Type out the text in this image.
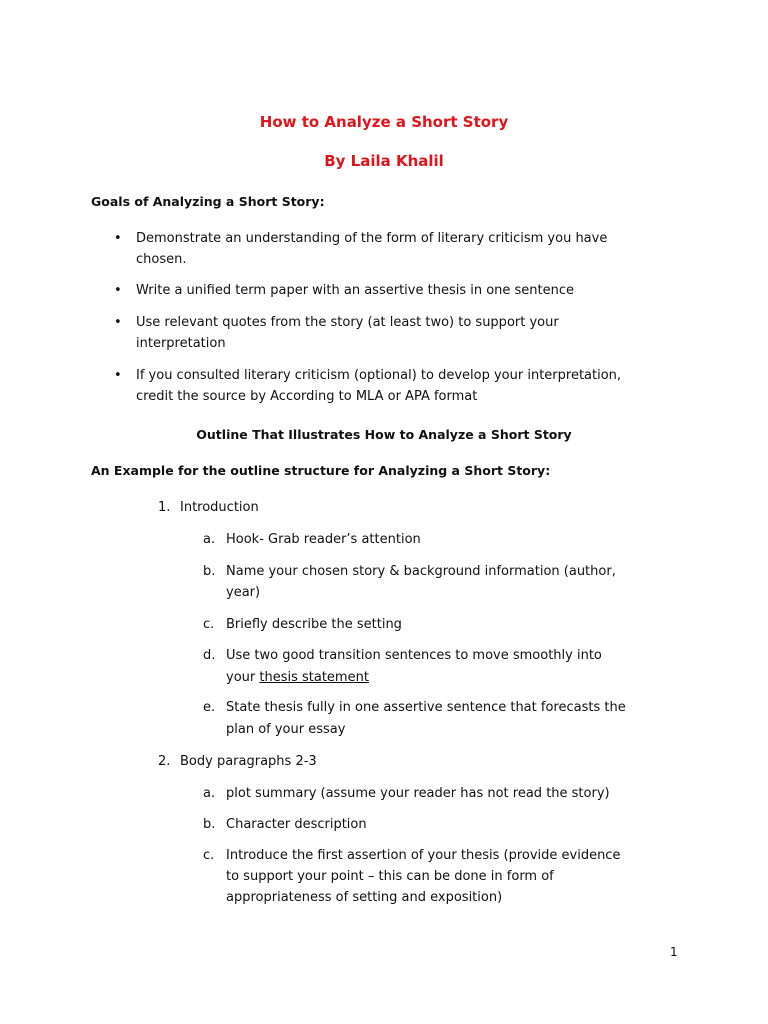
How to Analyze a Short Story
By Laila Khalil
Goals of Analyzing a Short Story:
• Demonstrate an understanding of the form of literary criticism you have
chosen.
• Write a unified term paper with an assertive thesis in one sentence
• Use relevant quotes from the story (at least two) to support your
interpretation
• If you consulted literary criticism (optional) to develop your interpretation,
credit the source by According to MLA or APA format
Outline That Illustrates How to Analyze a Short Story
An Example for the outline structure for Analyzing a Short Story:
1. Introduction
a. Hook- Grab reader’s attention
b. Name your chosen story & background information (author,
year)
c. Briefly describe the setting
d. Use two good transition sentences to move smoothly into
your thesis statement
e. State thesis fully in one assertive sentence that forecasts the
plan of your essay
2. Body paragraphs 2-3
a. plot summary (assume your reader has not read the story)
b. Character description
c. Introduce the first assertion of your thesis (provide evidence
to support your point – this can be done in form of
appropriateness of setting and exposition)
1
